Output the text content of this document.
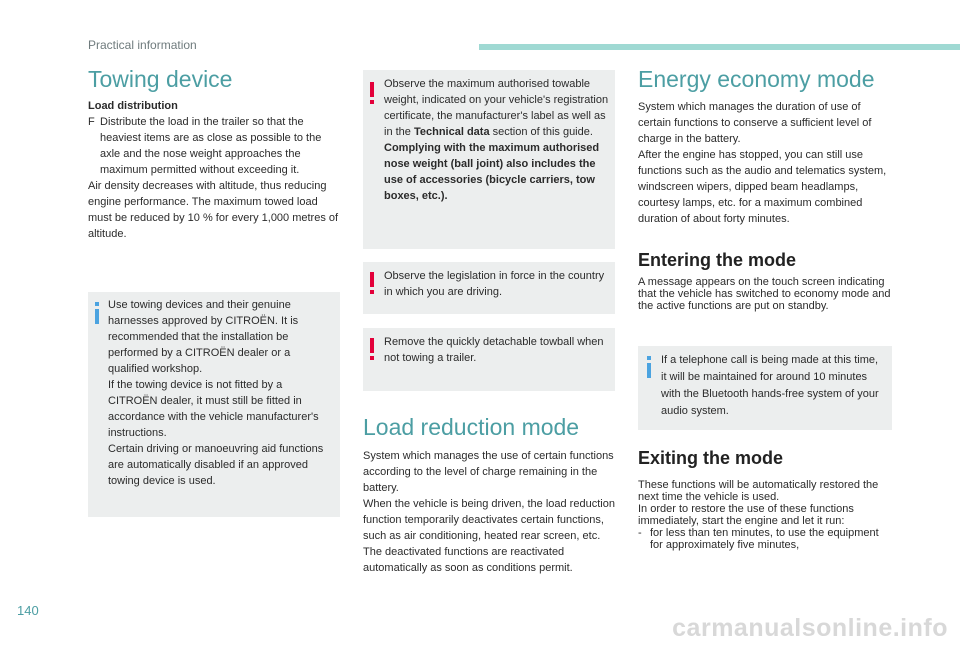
Practical information
Towing device
Load distribution
F Distribute the load in the trailer so that the heaviest items are as close as possible to the axle and the nose weight approaches the maximum permitted without exceeding it.
Air density decreases with altitude, thus reducing engine performance. The maximum towed load must be reduced by 10 % for every 1,000 metres of altitude.
Use towing devices and their genuine harnesses approved by CITROËN. It is recommended that the installation be performed by a CITROËN dealer or a qualified workshop.
If the towing device is not fitted by a CITROËN dealer, it must still be fitted in accordance with the vehicle manufacturer's instructions.
Certain driving or manoeuvring aid functions are automatically disabled if an approved towing device is used.
Observe the maximum authorised towable weight, indicated on your vehicle's registration certificate, the manufacturer's label as well as in the Technical data section of this guide.
Complying with the maximum authorised nose weight (ball joint) also includes the use of accessories (bicycle carriers, tow boxes, etc.).
Observe the legislation in force in the country in which you are driving.
Remove the quickly detachable towball when not towing a trailer.
Load reduction mode
System which manages the use of certain functions according to the level of charge remaining in the battery.
When the vehicle is being driven, the load reduction function temporarily deactivates certain functions, such as air conditioning, heated rear screen, etc.
The deactivated functions are reactivated automatically as soon as conditions permit.
Energy economy mode
System which manages the duration of use of certain functions to conserve a sufficient level of charge in the battery.
After the engine has stopped, you can still use functions such as the audio and telematics system, windscreen wipers, dipped beam headlamps, courtesy lamps, etc. for a maximum combined duration of about forty minutes.
Entering the mode
A message appears on the touch screen indicating that the vehicle has switched to economy mode and the active functions are put on standby.
If a telephone call is being made at this time, it will be maintained for around 10 minutes with the Bluetooth hands-free system of your audio system.
Exiting the mode
These functions will be automatically restored the next time the vehicle is used.
In order to restore the use of these functions immediately, start the engine and let it run:
- for less than ten minutes, to use the equipment for approximately five minutes,
140
carmanualsonline.info
